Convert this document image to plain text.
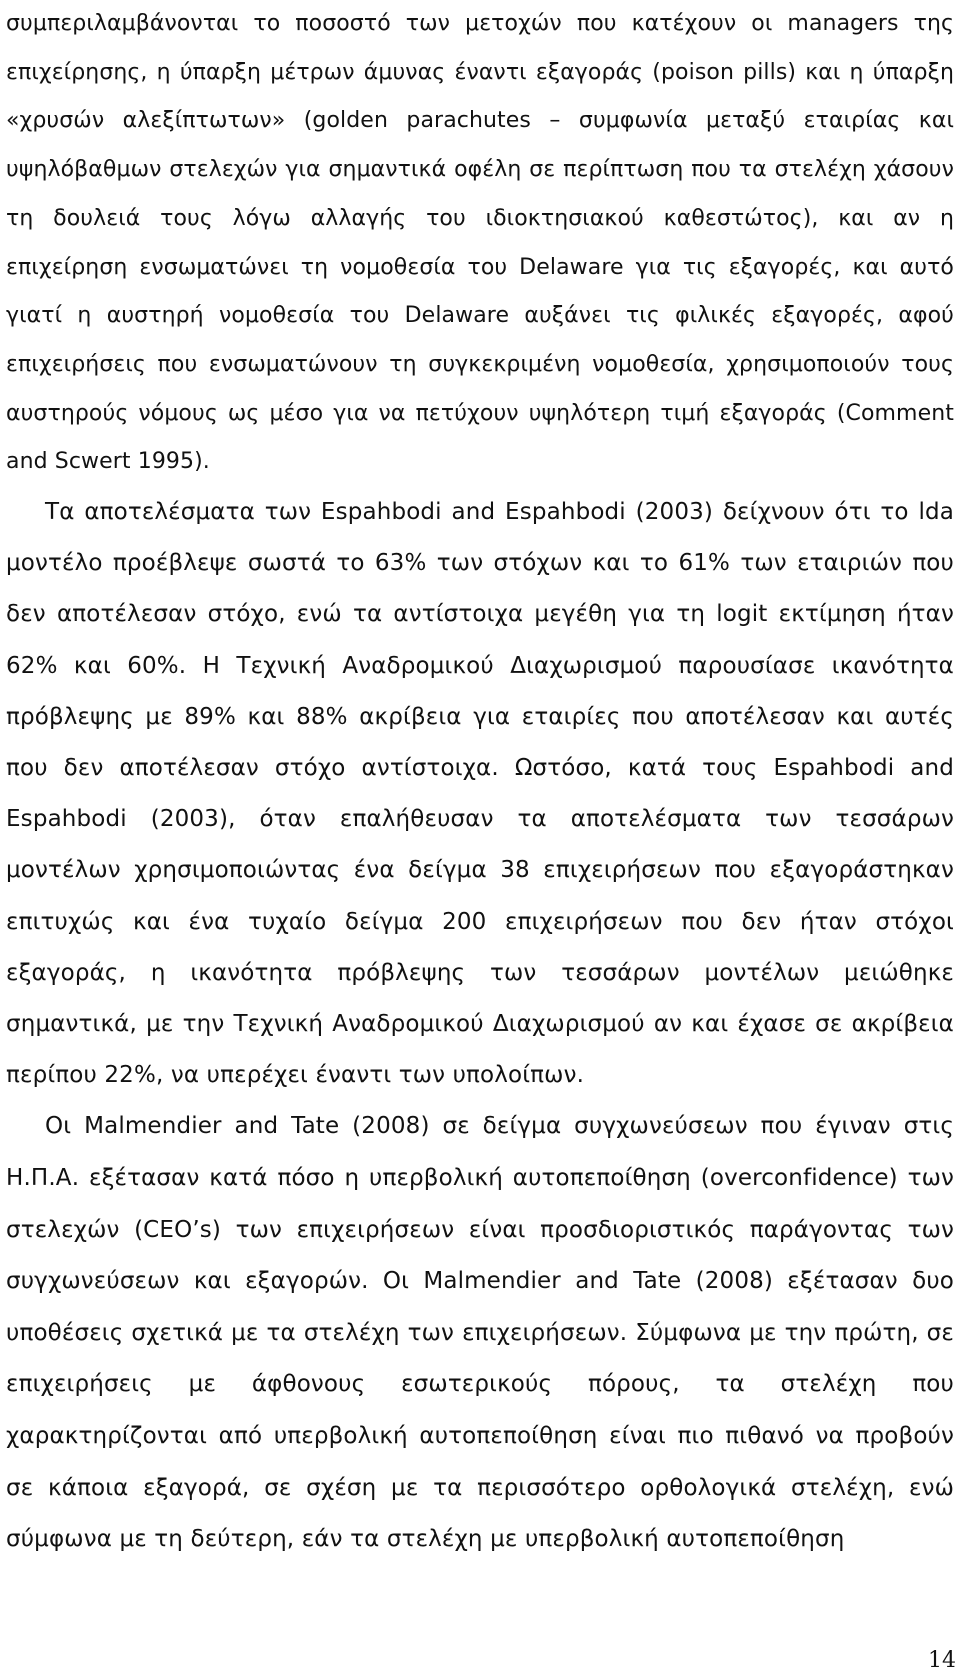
συμπεριλαμβάνονται το ποσοστό των μετοχών που κατέχουν οι managers της επιχείρησης, η ύπαρξη μέτρων άμυνας έναντι εξαγοράς (poison pills) και η ύπαρξη «χρυσών αλεξίπτωτων» (golden parachutes – συμφωνία μεταξύ εταιρίας και υψηλόβαθμων στελεχών για σημαντικά οφέλη σε περίπτωση που τα στελέχη χάσουν τη δουλειά τους λόγω αλλαγής του ιδιοκτησιακού καθεστώτος), και αν η επιχείρηση ενσωματώνει τη νομοθεσία του Delaware για τις εξαγορές, και αυτό γιατί η αυστηρή νομοθεσία του Delaware αυξάνει τις φιλικές εξαγορές, αφού επιχειρήσεις που ενσωματώνουν τη συγκεκριμένη νομοθεσία, χρησιμοποιούν τους αυστηρούς νόμους ως μέσο για να πετύχουν υψηλότερη τιμή εξαγοράς (Comment and Scwert 1995).

Τα αποτελέσματα των Espahbodi and Espahbodi (2003) δείχνουν ότι το lda μοντέλο προέβλεψε σωστά το 63% των στόχων και το 61% των εταιριών που δεν αποτέλεσαν στόχο, ενώ τα αντίστοιχα μεγέθη για τη logit εκτίμηση ήταν 62% και 60%. Η Τεχνική Αναδρομικού Διαχωρισμού παρουσίασε ικανότητα πρόβλεψης με 89% και 88% ακρίβεια για εταιρίες που αποτέλεσαν και αυτές που δεν αποτέλεσαν στόχο αντίστοιχα. Ωστόσο, κατά τους Espahbodi and Espahbodi (2003), όταν επαλήθευσαν τα αποτελέσματα των τεσσάρων μοντέλων χρησιμοποιώντας ένα δείγμα 38 επιχειρήσεων που εξαγοράστηκαν επιτυχώς και ένα τυχαίο δείγμα 200 επιχειρήσεων που δεν ήταν στόχοι εξαγοράς, η ικανότητα πρόβλεψης των τεσσάρων μοντέλων μειώθηκε σημαντικά, με την Τεχνική Αναδρομικού Διαχωρισμού αν και έχασε σε ακρίβεια περίπου 22%, να υπερέχει έναντι των υπολοίπων.

Οι Malmendier and Tate (2008) σε δείγμα συγχωνεύσεων που έγιναν στις Η.Π.Α. εξέτασαν κατά πόσο η υπερβολική αυτοπεποίθηση (overconfidence) των στελεχών (CEO’s) των επιχειρήσεων είναι προσδιοριστικός παράγοντας των συγχωνεύσεων και εξαγορών. Οι Malmendier and Tate (2008) εξέτασαν δυο υποθέσεις σχετικά με τα στελέχη των επιχειρήσεων. Σύμφωνα με την πρώτη, σε επιχειρήσεις με άφθονους εσωτερικούς πόρους, τα στελέχη που χαρακτηρίζονται από υπερβολική αυτοπεποίθηση είναι πιο πιθανό να προβούν σε κάποια εξαγορά, σε σχέση με τα περισσότερο ορθολογικά στελέχη, ενώ σύμφωνα με τη δεύτερη, εάν τα στελέχη με υπερβολική αυτοπεποίθηση

14
